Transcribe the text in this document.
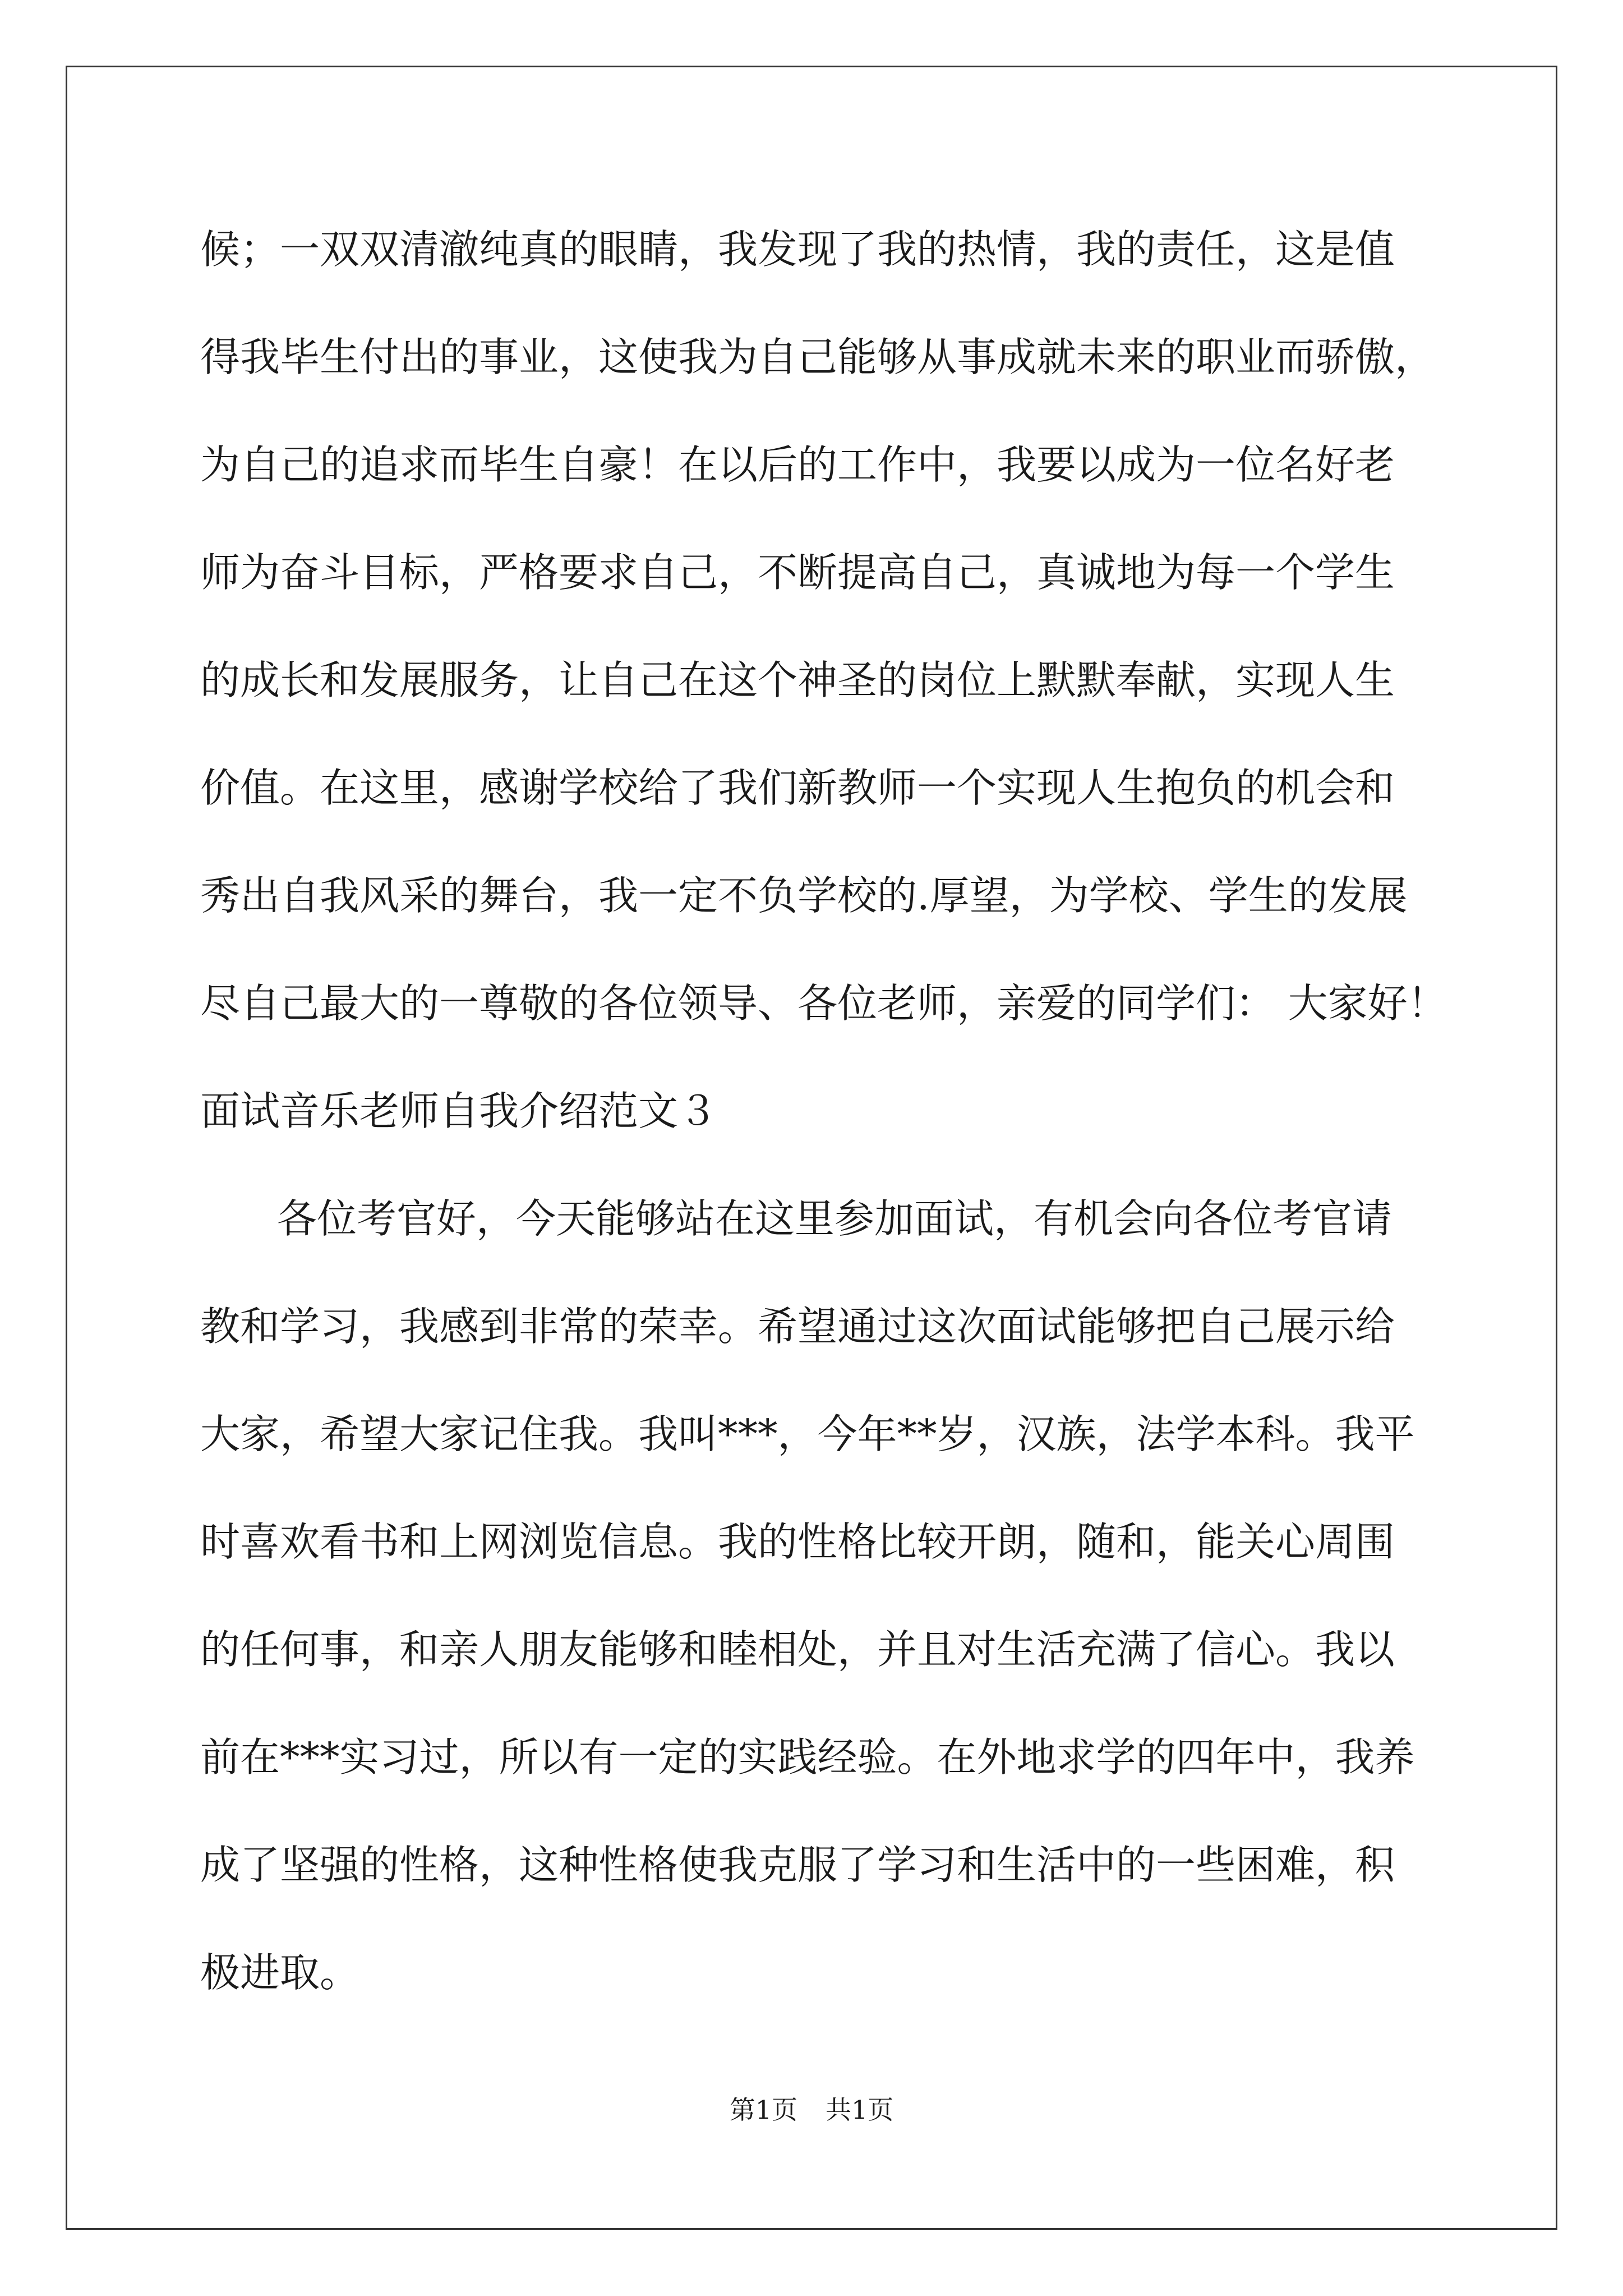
候；一双双清澈纯真的眼睛，我发现了我的热情，我的责任，这是值
得我毕生付出的事业，这使我为自己能够从事成就未来的职业而骄傲，
为自己的追求而毕生自豪！在以后的工作中，我要以成为一位名好老
师为奋斗目标，严格要求自己，不断提高自己，真诚地为每一个学生
的成长和发展服务，让自己在这个神圣的岗位上默默奉献，实现人生
价值。在这里，感谢学校给了我们新教师一个实现人生抱负的机会和
秀出自我风采的舞台，我一定不负学校的.厚望，为学校、学生的发展
尽自己最大的一尊敬的各位领导、各位老师，亲爱的同学们： 大家好！
面试音乐老师自我介绍范文３
各位考官好，今天能够站在这里参加面试，有机会向各位考官请
教和学习，我感到非常的荣幸。希望通过这次面试能够把自己展示给
大家，希望大家记住我。我叫***，今年**岁，汉族，法学本科。我平
时喜欢看书和上网浏览信息。我的性格比较开朗，随和，能关心周围
的任何事，和亲人朋友能够和睦相处，并且对生活充满了信心。我以
前在***实习过，所以有一定的实践经验。在外地求学的四年中，我养
成了坚强的性格，这种性格使我克服了学习和生活中的一些困难，积
极进取。
第1页 共1页
